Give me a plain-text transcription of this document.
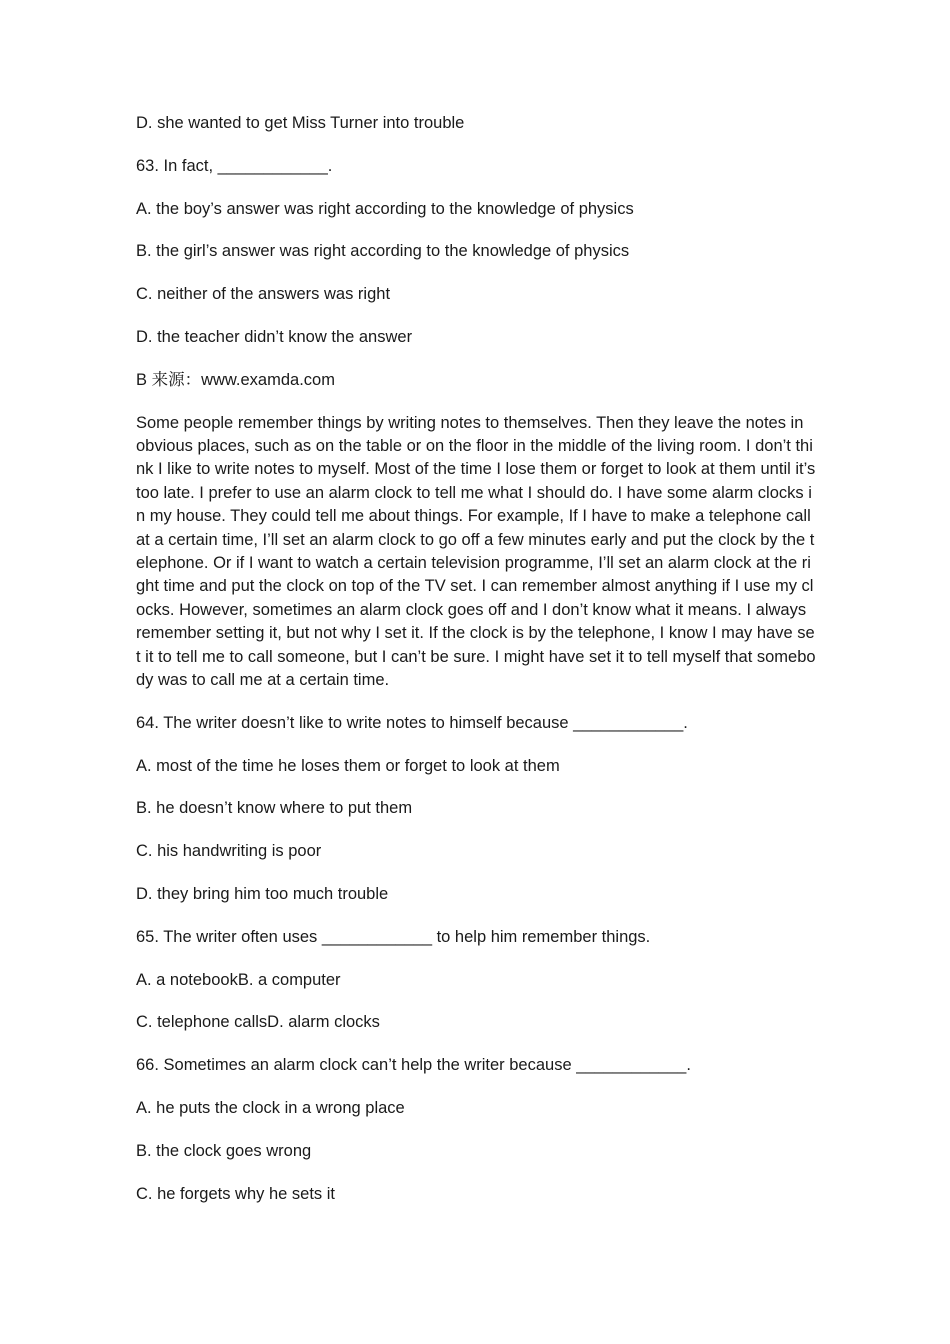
D. she wanted to get Miss Turner into trouble

63. In fact, ____________.

A. the boy’s answer was right according to the knowledge of physics

B. the girl’s answer was right according to the knowledge of physics

C. neither of the answers was right

D. the teacher didn’t know the answer

B 来源：www.examda.com

Some people remember things by writing notes to themselves. Then they leave the notes in obvious places, such as on the table or on the floor in the middle of the living room. I don’t think I like to write notes to myself. Most of the time I lose them or forget to look at them until it’s too late. I prefer to use an alarm clock to tell me what I should do. I have some alarm clocks in my house. They could tell me about things. For example, If I have to make a telephone call at a certain time, I’ll set an alarm clock to go off a few minutes early and put the clock by the telephone. Or if I want to watch a certain television programme, I’ll set an alarm clock at the right time and put the clock on top of the TV set. I can remember almost anything if I use my clocks. However, sometimes an alarm clock goes off and I don’t know what it means. I always remember setting it, but not why I set it. If the clock is by the telephone, I know I may have set it to tell me to call someone, but I can’t be sure. I might have set it to tell myself that somebody was to call me at a certain time.

64. The writer doesn’t like to write notes to himself because ____________.

A. most of the time he loses them or forget to look at them

B. he doesn’t know where to put them

C. his handwriting is poor

D. they bring him too much trouble

65. The writer often uses ____________ to help him remember things.

A. a notebookB. a computer

C. telephone callsD. alarm clocks

66. Sometimes an alarm clock can’t help the writer because ____________.

A. he puts the clock in a wrong place

B. the clock goes wrong

C. he forgets why he sets it
